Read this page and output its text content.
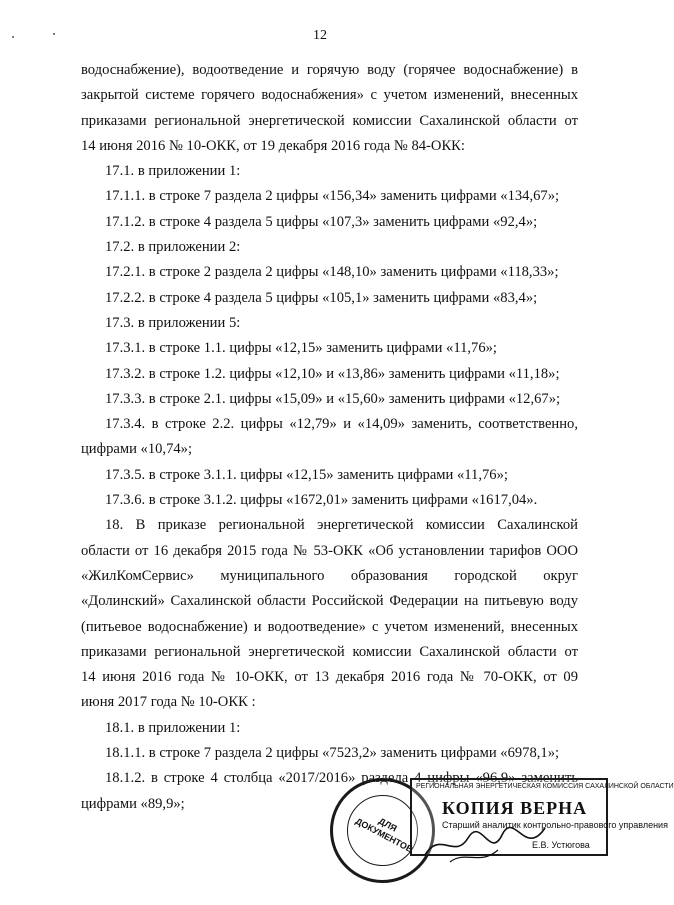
12
водоснабжение), водоотведение и горячую воду (горячее водоснабжение) в
закрытой системе горячего водоснабжения» с учетом изменений, внесенных
приказами региональной энергетической комиссии Сахалинской области от
14 июня 2016 № 10-ОКК, от 19 декабря 2016 года № 84-ОКК:
17.1. в приложении 1:
17.1.1. в строке 7 раздела 2 цифры «156,34» заменить цифрами «134,67»;
17.1.2. в строке 4 раздела 5 цифры «107,3» заменить цифрами «92,4»;
17.2. в приложении 2:
17.2.1. в строке 2 раздела 2 цифры «148,10» заменить цифрами «118,33»;
17.2.2. в строке 4 раздела 5 цифры «105,1» заменить цифрами «83,4»;
17.3. в приложении 5:
17.3.1. в строке 1.1. цифры «12,15» заменить цифрами «11,76»;
17.3.2. в строке 1.2. цифры «12,10» и «13,86» заменить цифрами «11,18»;
17.3.3. в строке 2.1. цифры «15,09» и «15,60» заменить цифрами «12,67»;
17.3.4. в строке 2.2. цифры «12,79» и «14,09» заменить, соответственно,
цифрами «10,74»;
17.3.5. в строке 3.1.1. цифры «12,15» заменить цифрами «11,76»;
17.3.6. в строке 3.1.2. цифры «1672,01» заменить цифрами «1617,04».
18. В приказе региональной энергетической комиссии Сахалинской
области от 16 декабря 2015 года № 53-ОКК «Об установлении тарифов ООО
«ЖилКомСервис» муниципального образования городской округ
«Долинский» Сахалинской области Российской Федерации на питьевую воду
(питьевое водоснабжение) и водоотведение» с учетом изменений, внесенных
приказами региональной энергетической комиссии Сахалинской области от
14 июня 2016 года № 10-ОКК, от 13 декабря 2016 года № 70-ОКК, от 09
июня 2017 года № 10-ОКК :
18.1. в приложении 1:
18.1.1. в строке 7 раздела 2 цифры «7523,2» заменить цифрами «6978,1»;
18.1.2. в строке 4 столбца «2017/2016» раздела 4 цифры «96,9» заменить
цифрами «89,9»;
ДЛЯ ДОКУМЕНТОВ
РЕГИОНАЛЬНАЯ ЭНЕРГЕТИЧЕСКАЯ КОМИССИЯ САХАЛИНСКОЙ ОБЛАСТИ
КОПИЯ ВЕРНА
Старший аналитик контрольно-правового управления
Е.В. Устюгова
